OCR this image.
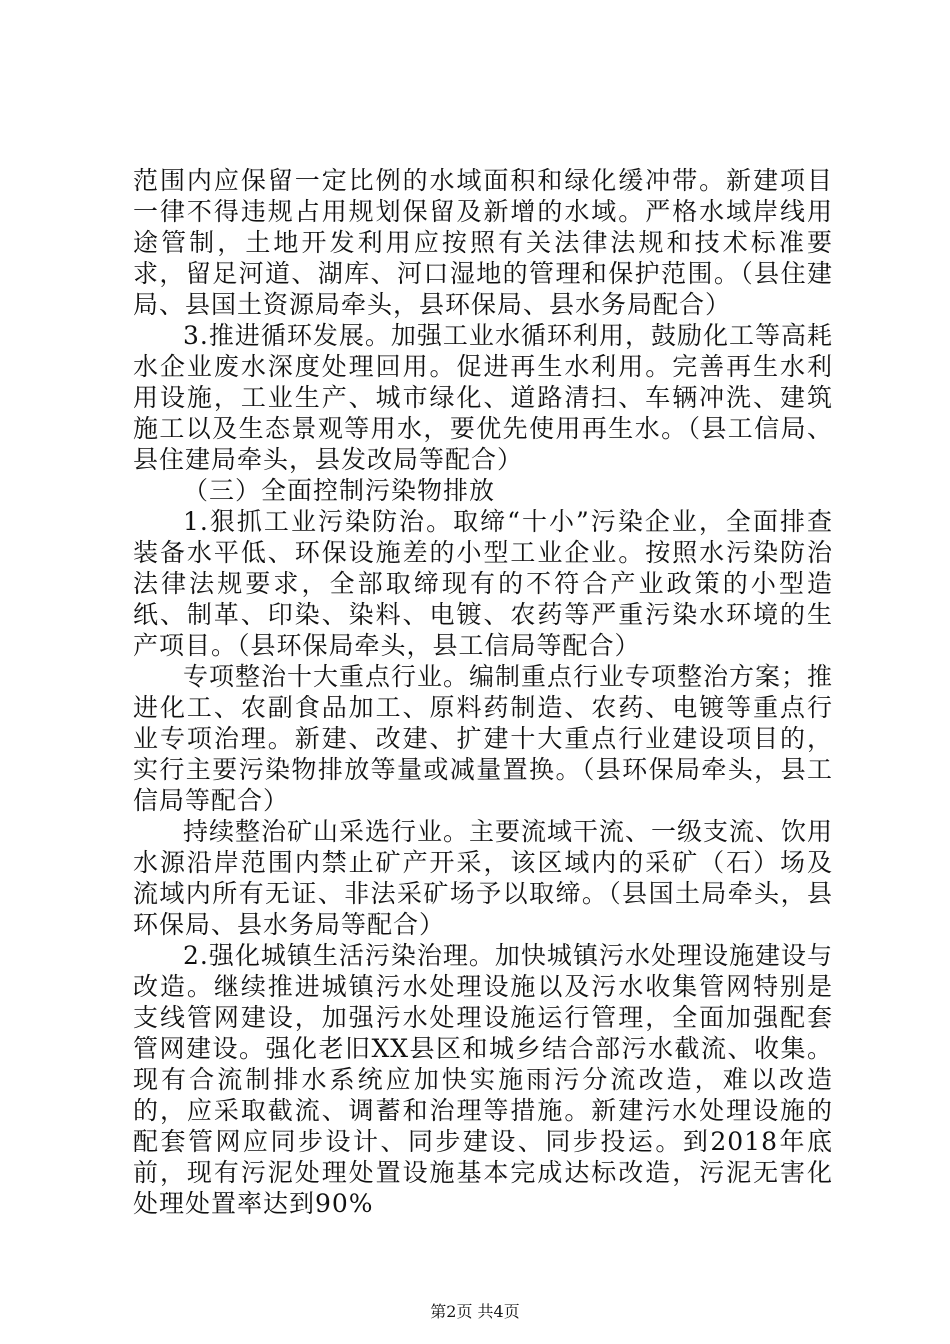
范围内应保留一定比例的水域面积和绿化缓冲带。新建项目一律不得违规占用规划保留及新增的水域。严格水域岸线用途管制，土地开发利用应按照有关法律法规和技术标准要求，留足河道、湖库、河口湿地的管理和保护范围。（县住建局、县国土资源局牵头，县环保局、县水务局配合）

3.推进循环发展。加强工业水循环利用，鼓励化工等高耗水企业废水深度处理回用。促进再生水利用。完善再生水利用设施，工业生产、城市绿化、道路清扫、车辆冲洗、建筑施工以及生态景观等用水，要优先使用再生水。（县工信局、县住建局牵头，县发改局等配合）

（三）全面控制污染物排放

1.狠抓工业污染防治。取缔“十小”污染企业，全面排查装备水平低、环保设施差的小型工业企业。按照水污染防治法律法规要求，全部取缔现有的不符合产业政策的小型造纸、制革、印染、染料、电镀、农药等严重污染水环境的生产项目。（县环保局牵头，县工信局等配合）

专项整治十大重点行业。编制重点行业专项整治方案；推进化工、农副食品加工、原料药制造、农药、电镀等重点行业专项治理。新建、改建、扩建十大重点行业建设项目的，实行主要污染物排放等量或减量置换。（县环保局牵头，县工信局等配合）

持续整治矿山采选行业。主要流域干流、一级支流、饮用水源沿岸范围内禁止矿产开采，该区域内的采矿（石）场及流域内所有无证、非法采矿场予以取缔。（县国土局牵头，县环保局、县水务局等配合）

2.强化城镇生活污染治理。加快城镇污水处理设施建设与改造。继续推进城镇污水处理设施以及污水收集管网特别是支线管网建设，加强污水处理设施运行管理，全面加强配套管网建设。强化老旧XX县区和城乡结合部污水截流、收集。现有合流制排水系统应加快实施雨污分流改造，难以改造的，应采取截流、调蓄和治理等措施。新建污水处理设施的配套管网应同步设计、同步建设、同步投运。到2018年底前，现有污泥处理处置设施基本完成达标改造，污泥无害化处理处置率达到90%

第2页 共4页
